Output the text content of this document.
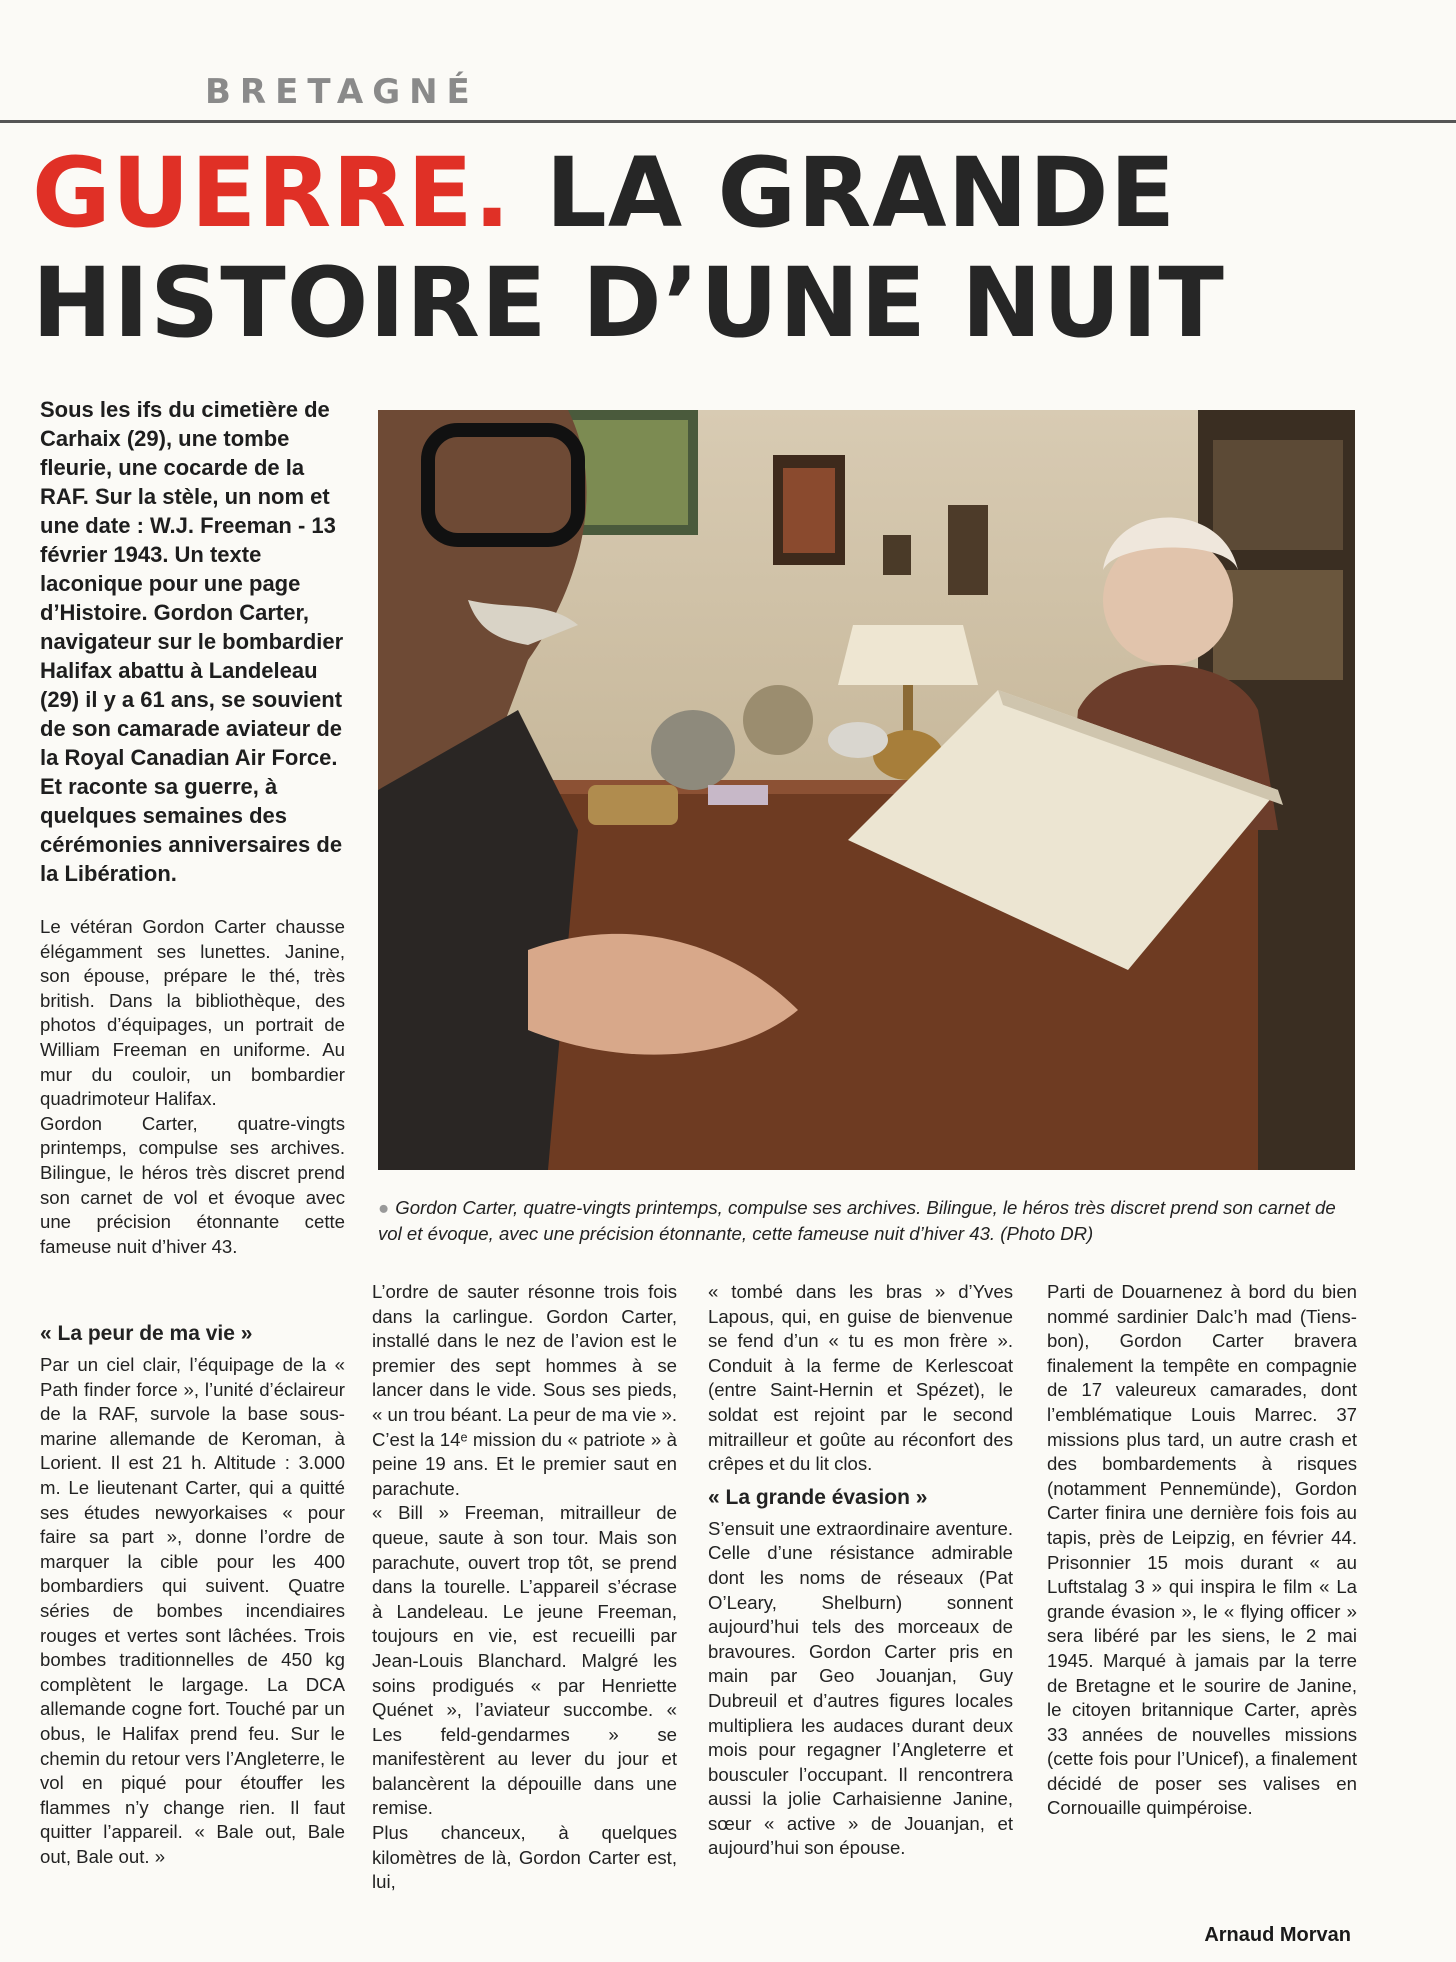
BRETAGNÉ
GUERRE. LA GRANDE
HISTOIRE D’UNE NUIT
Sous les ifs du cimetière de Carhaix (29), une tombe fleurie, une cocarde de la RAF. Sur la stèle, un nom et une date : W.J. Freeman - 13 février 1943. Un texte laconique pour une page d’Histoire. Gordon Carter, navigateur sur le bombardier Halifax abattu à Landeleau (29) il y a 61 ans, se souvient de son camarade aviateur de la Royal Canadian Air Force. Et raconte sa guerre, à quelques semaines des cérémonies anniversaires de la Libération.
● Gordon Carter, quatre-vingts printemps, compulse ses archives. Bilingue, le héros très discret prend son carnet de vol et évoque, avec une précision étonnante, cette fameuse nuit d’hiver 43. (Photo DR)

Le vétéran Gordon Carter chausse élégamment ses lunettes. Janine, son épouse, prépare le thé, très british. Dans la bibliothèque, des photos d’équipages, un portrait de William Freeman en uniforme. Au mur du couloir, un bombardier quadrimoteur Halifax.

Gordon Carter, quatre-vingts printemps, compulse ses archives. Bilingue, le héros très discret prend son carnet de vol et évoque avec une précision étonnante cette fameuse nuit d’hiver 43.

« La peur de ma vie »

Par un ciel clair, l’équipage de la « Path finder force », l’unité d’éclaireur de la RAF, survole la base sous-marine allemande de Keroman, à Lorient. Il est 21 h. Altitude : 3.000 m. Le lieutenant Carter, qui a quitté ses études newyorkaises « pour faire sa part », donne l’ordre de marquer la cible pour les 400 bombardiers qui suivent. Quatre séries de bombes incendiaires rouges et vertes sont lâchées. Trois bombes traditionnelles de 450 kg complètent le largage. La DCA allemande cogne fort. Touché par un obus, le Halifax prend feu. Sur le chemin du retour vers l’Angleterre, le vol en piqué pour étouffer les flammes n’y change rien. Il faut quitter l’appareil. « Bale out, Bale out, Bale out. »

L’ordre de sauter résonne trois fois dans la carlingue. Gordon Carter, installé dans le nez de l’avion est le premier des sept hommes à se lancer dans le vide. Sous ses pieds, « un trou béant. La peur de ma vie ». C’est la 14ᵉ mission du « patriote » à peine 19 ans. Et le premier saut en parachute.

« Bill » Freeman, mitrailleur de queue, saute à son tour. Mais son parachute, ouvert trop tôt, se prend dans la tourelle. L’appareil s’écrase à Landeleau. Le jeune Freeman, toujours en vie, est recueilli par Jean-Louis Blanchard. Malgré les soins prodigués « par Henriette Quénet », l’aviateur succombe. « Les feld-gendarmes » se manifestèrent au lever du jour et balancèrent la dépouille dans une remise.

Plus chanceux, à quelques kilomètres de là, Gordon Carter est, lui,

« tombé dans les bras » d’Yves Lapous, qui, en guise de bienvenue se fend d’un « tu es mon frère ». Conduit à la ferme de Kerlescoat (entre Saint-Hernin et Spézet), le soldat est rejoint par le second mitrailleur et goûte au réconfort des crêpes et du lit clos.

« La grande évasion »

S’ensuit une extraordinaire aventure. Celle d’une résistance admirable dont les noms de réseaux (Pat O’Leary, Shelburn) sonnent aujourd’hui tels des morceaux de bravoures. Gordon Carter pris en main par Geo Jouanjan, Guy Dubreuil et d’autres figures locales multipliera les audaces durant deux mois pour regagner l’Angleterre et bousculer l’occupant. Il rencontrera aussi la jolie Carhaisienne Janine, sœur « active » de Jouanjan, et aujourd’hui son épouse.

Parti de Douarnenez à bord du bien nommé sardinier Dalc’h mad (Tiens-bon), Gordon Carter bravera finalement la tempête en compagnie de 17 valeureux camarades, dont l’emblématique Louis Marrec. 37 missions plus tard, un autre crash et des bombardements à risques (notamment Pennemünde), Gordon Carter finira une dernière fois fois au tapis, près de Leipzig, en février 44. Prisonnier 15 mois durant « au Luftstalag 3 » qui inspira le film « La grande évasion », le « flying officer » sera libéré par les siens, le 2 mai 1945. Marqué à jamais par la terre de Bretagne et le sourire de Janine, le citoyen britannique Carter, après 33 années de nouvelles missions (cette fois pour l’Unicef), a finalement décidé de poser ses valises en Cornouaille quimpéroise.

Arnaud Morvan
